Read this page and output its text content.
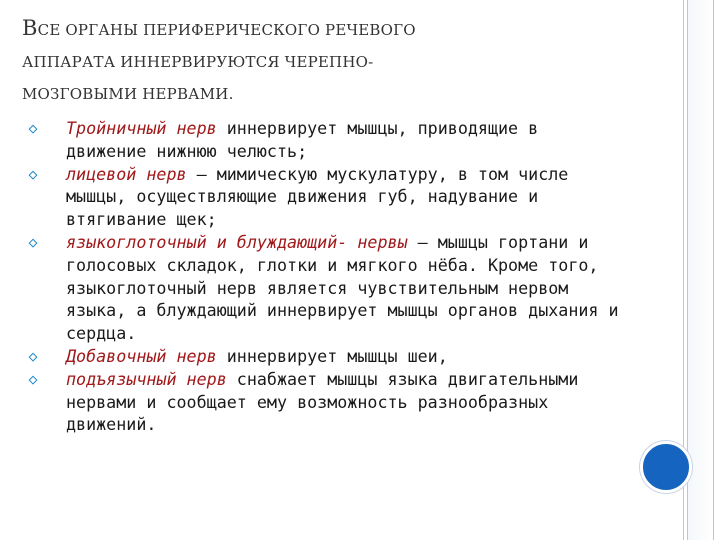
ВСЕ ОРГАНЫ ПЕРИФЕРИЧЕСКОГО РЕЧЕВОГО
АППАРАТА ИННЕРВИРУЮТСЯ ЧЕРЕПНО-
МОЗГОВЫМИ НЕРВАМИ.
◇	Тройничный нерв иннервирует мышцы, приводящие в движение нижнюю челюсть;
◇	лицевой нерв — мимическую мускулатуру, в том числе мышцы, осуществляющие движения губ, надувание и втягивание щек;
◇	языкоглоточный и блуждающий- нервы — мышцы гортани и голосовых складок, глотки и мягкого нёба. Кроме того, языкоглоточный нерв является чувствительным нервом языка, а блуждающий иннервирует мышцы органов дыхания и сердца.
◇	Добавочный нерв иннервирует мышцы шеи,
◇	подъязычный нерв снабжает мышцы языка двигательными нервами и сообщает ему возможность разнообразных движений.
